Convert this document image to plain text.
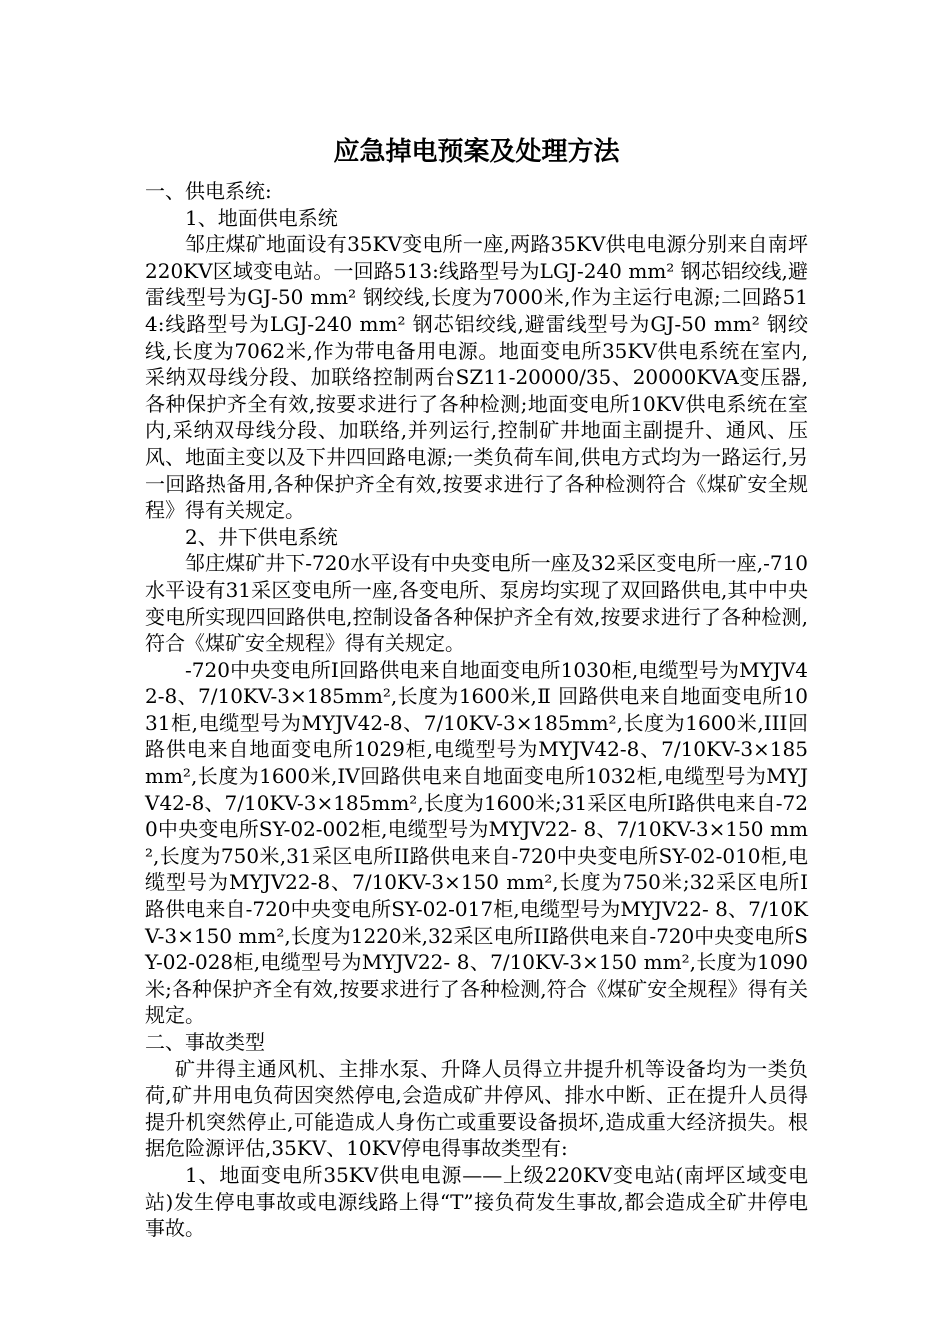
应急掉电预案及处理方法

一、供电系统:

1、地面供电系统

邹庄煤矿地面设有35KV变电所一座,两路35KV供电电源分别来自南坪220KV区域变电站。一回路513:线路型号为LGJ-240 mm² 钢芯铝绞线,避雷线型号为GJ-50 mm² 钢绞线,长度为7000米,作为主运行电源;二回路514:线路型号为LGJ-240 mm² 钢芯铝绞线,避雷线型号为GJ-50 mm² 钢绞线,长度为7062米,作为带电备用电源。地面变电所35KV供电系统在室内,采纳双母线分段、加联络控制两台SZ11-20000/35、20000KVA变压器,各种保护齐全有效,按要求进行了各种检测;地面变电所10KV供电系统在室内,采纳双母线分段、加联络,并列运行,控制矿井地面主副提升、通风、压风、地面主变以及下井四回路电源;一类负荷车间,供电方式均为一路运行,另一回路热备用,各种保护齐全有效,按要求进行了各种检测符合《煤矿安全规程》得有关规定。

2、井下供电系统

邹庄煤矿井下-720水平设有中央变电所一座及32采区变电所一座,-710水平设有31采区变电所一座,各变电所、泵房均实现了双回路供电,其中中央变电所实现四回路供电,控制设备各种保护齐全有效,按要求进行了各种检测,符合《煤矿安全规程》得有关规定。

-720中央变电所Ⅰ回路供电来自地面变电所1030柜,电缆型号为MYJV42-8、7/10KV-3×185mm²,长度为1600米,Ⅱ 回路供电来自地面变电所1031柜,电缆型号为MYJV42-8、7/10KV-3×185mm²,长度为1600米,III回路供电来自地面变电所1029柜,电缆型号为MYJV42-8、7/10KV-3×185mm²,长度为1600米,IV回路供电来自地面变电所1032柜,电缆型号为MYJV42-8、7/10KV-3×185mm²,长度为1600米;31采区电所Ⅰ路供电来自-720中央变电所SY-02-002柜,电缆型号为MYJV22- 8、7/10KV-3×150 mm²,长度为750米,31采区电所II路供电来自-720中央变电所SY-02-010柜,电缆型号为MYJV22-8、7/10KV-3×150 mm²,长度为750米;32采区电所Ⅰ路供电来自-720中央变电所SY-02-017柜,电缆型号为MYJV22- 8、7/10KV-3×150 mm²,长度为1220米,32采区电所II路供电来自-720中央变电所SY-02-028柜,电缆型号为MYJV22- 8、7/10KV-3×150 mm²,长度为1090米;各种保护齐全有效,按要求进行了各种检测,符合《煤矿安全规程》得有关规定。

二、事故类型

矿井得主通风机、主排水泵、升降人员得立井提升机等设备均为一类负荷,矿井用电负荷因突然停电,会造成矿井停风、排水中断、正在提升人员得提升机突然停止,可能造成人身伤亡或重要设备损坏,造成重大经济损失。根据危险源评估,35KV、10KV停电得事故类型有:

1、地面变电所35KV供电电源——上级220KV变电站(南坪区域变电站)发生停电事故或电源线路上得“T”接负荷发生事故,都会造成全矿井停电事故。
